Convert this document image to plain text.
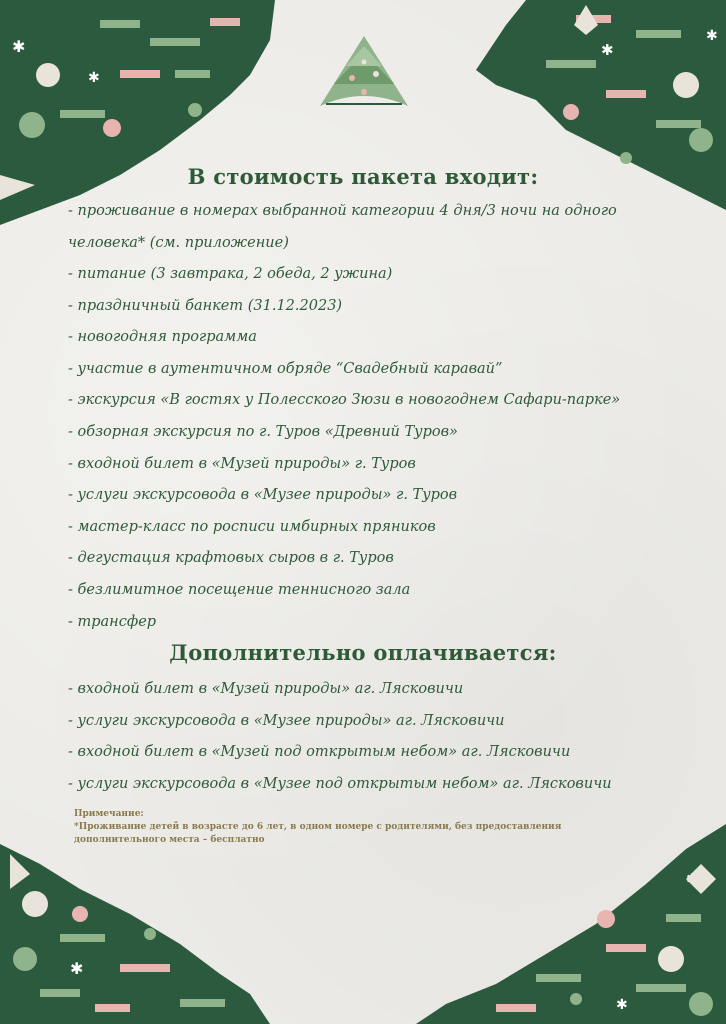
✱
✱
✱
✱
✱
✱
В стоимость пакета входит:
- проживание в номерах выбранной категории 4 дня/3 ночи на одного человека* (см. приложение)
- питание (3 завтрака, 2 обеда, 2 ужина)
- праздничный банкет (31.12.2023)
- новогодняя программа
- участие в аутентичном обряде “Свадебный каравай”
- экскурсия «В гостях у Полесского Зюзи в новогоднем Сафари-парке»
- обзорная экскурсия по г. Туров «Древний Туров»
- входной билет в «Музей природы» г. Туров
- услуги экскурсовода в «Музее природы» г. Туров
- мастер-класс по росписи имбирных пряников
- дегустация крафтовых сыров в г. Туров
- безлимитное посещение теннисного зала
- трансфер
Дополнительно оплачивается:
- входной билет в «Музей природы» аг. Лясковичи
- услуги экскурсовода в «Музее природы» аг. Лясковичи
- входной билет в «Музей под открытым небом» аг. Лясковичи
- услуги экскурсовода в «Музее под открытым небом» аг. Лясковичи
Примечание:
*Проживание детей в возрасте до 6 лет, в одном номере с родителями, без предоставления дополнительного места – бесплатно
